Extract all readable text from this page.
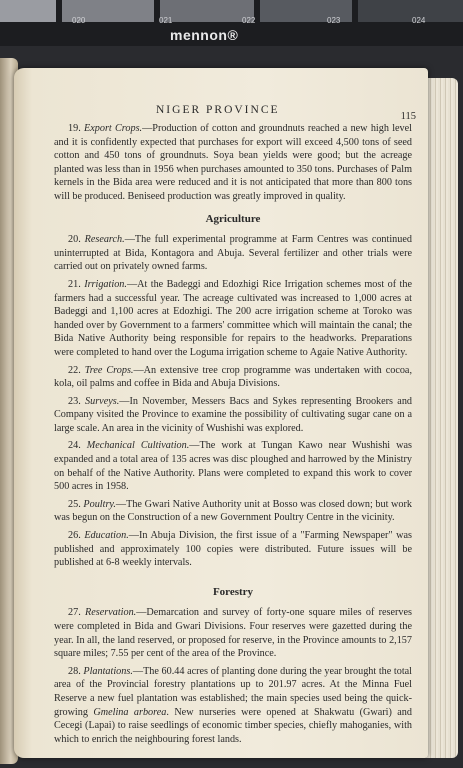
020	021	022	023	024
mennon®
NIGER PROVINCE
115

19. Export Crops.—Production of cotton and groundnuts reached a new high level and it is confidently expected that purchases for export will exceed 4,500 tons of seed cotton and 450 tons of groundnuts. Soya bean yields were good; but the acreage planted was less than in 1956 when purchases amounted to 350 tons. Purchases of Palm kernels in the Bida area were reduced and it is not anticipated that more than 800 tons will be produced. Beniseed production was greatly improved in quality.

Agriculture

20. Research.—The full experimental programme at Farm Centres was continued uninterrupted at Bida, Kontagora and Abuja. Several fertilizer and other trials were carried out on privately owned farms.

21. Irrigation.—At the Badeggi and Edozhigi Rice Irrigation schemes most of the farmers had a successful year. The acreage cultivated was increased to 1,000 acres at Badeggi and 1,100 acres at Edozhigi. The 200 acre irrigation scheme at Toroko was handed over by Government to a farmers' committee which will maintain the canal; the Bida Native Authority being responsible for repairs to the headworks. Preparations were completed to hand over the Loguma irrigation scheme to Agaie Native Authority.

22. Tree Crops.—An extensive tree crop programme was undertaken with cocoa, kola, oil palms and coffee in Bida and Abuja Divisions.

23. Surveys.—In November, Messers Bacs and Sykes representing Brookers and Company visited the Province to examine the possibility of cultivating sugar cane on a large scale. An area in the vicinity of Wushishi was explored.

24. Mechanical Cultivation.—The work at Tungan Kawo near Wushishi was expanded and a total area of 135 acres was disc ploughed and harrowed by the Ministry on behalf of the Native Authority. Plans were completed to expand this work to cover 500 acres in 1958.

25. Poultry.—The Gwari Native Authority unit at Bosso was closed down; but work was begun on the Construction of a new Government Poultry Centre in the vicinity.

26. Education.—In Abuja Division, the first issue of a "Farming Newspaper" was published and approximately 100 copies were distributed. Future issues will be published at 6-8 weekly intervals.

Forestry

27. Reservation.—Demarcation and survey of forty-one square miles of reserves were completed in Bida and Gwari Divisions. Four reserves were gazetted during the year. In all, the land reserved, or proposed for reserve, in the Province amounts to 2,157 square miles; 7.55 per cent of the area of the Province.

28. Plantations.—The 60.44 acres of planting done during the year brought the total area of the Provincial forestry plantations up to 201.97 acres. At the Minna Fuel Reserve a new fuel plantation was established; the main species used being the quick-growing Gmelina arborea. New nurseries were opened at Shakwatu (Gwari) and Cecegi (Lapai) to raise seedlings of economic timber species, chiefly mahoganies, with which to enrich the neighbouring forest lands.
